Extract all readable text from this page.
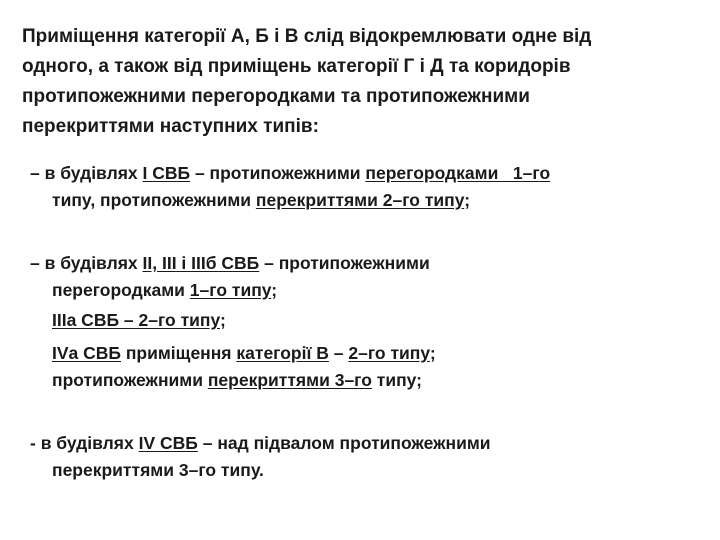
Приміщення категорії А, Б і В слід відокремлювати одне від
одного, а також від приміщень категорії Г і Д та коридорів
протипожежними перегородками та протипожежними
перекриттями наступних типів:

– в будівлях І СВБ – протипожежними перегородками   1–го

типу, протипожежними перекриттями 2–го типу;

– в будівлях ІІ, ІІІ і ІІІб СВБ – протипожежними

перегородками 1–го типу;

ІІІа СВБ – 2–го типу;

ІVа СВБ приміщення категорії В – 2–го типу;

протипожежними перекриттями 3–го типу;

- в будівлях ІV СВБ – над підвалом протипожежними

перекриттями 3–го типу.
